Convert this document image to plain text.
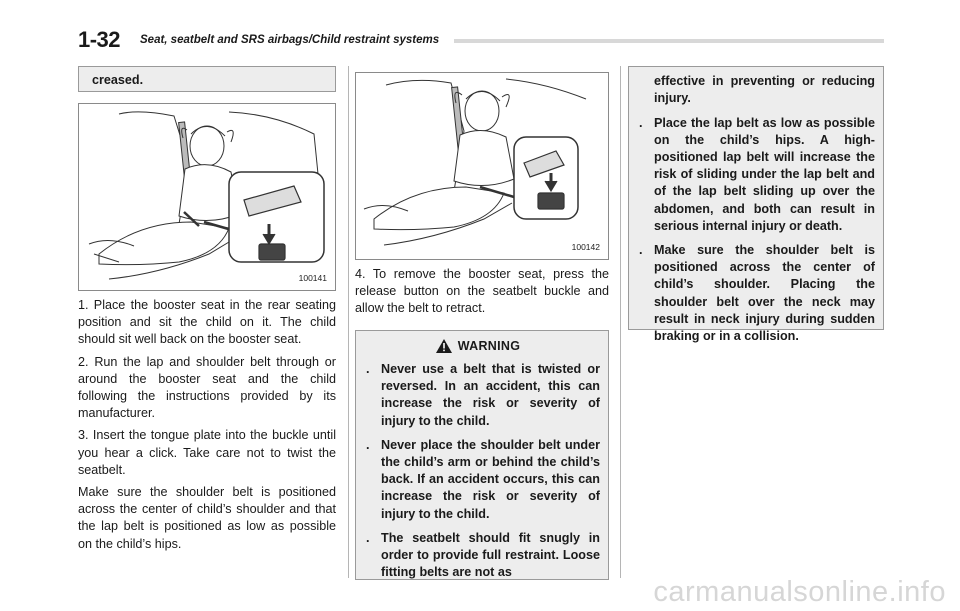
1-32 Seat, seatbelt and SRS airbags/Child restraint systems
creased.
100141

1. Place the booster seat in the rear seating position and sit the child on it. The child should sit well back on the booster seat.

2. Run the lap and shoulder belt through or around the booster seat and the child following the instructions provided by its manufacturer.

3. Insert the tongue plate into the buckle until you hear a click. Take care not to twist the seatbelt.

Make sure the shoulder belt is positioned across the center of child’s shoulder and that the lap belt is positioned as low as possible on the child’s hips.

100142
4. To remove the booster seat, press the release button on the seatbelt buckle and allow the belt to retract.
WARNING
. Never use a belt that is twisted or reversed. In an accident, this can increase the risk or severity of injury to the child.
. Never place the shoulder belt under the child’s arm or behind the child’s back. If an accident occurs, this can increase the risk or severity of injury to the child.
. The seatbelt should fit snugly in order to provide full restraint. Loose fitting belts are not as
effective in preventing or reducing injury.
. Place the lap belt as low as possible on the child’s hips. A high-positioned lap belt will increase the risk of sliding under the lap belt and of the lap belt sliding up over the abdomen, and both can result in serious internal injury or death.
. Make sure the shoulder belt is positioned across the center of child’s shoulder. Placing the shoulder belt over the neck may result in neck injury during sudden braking or in a collision.
carmanualsonline.info
